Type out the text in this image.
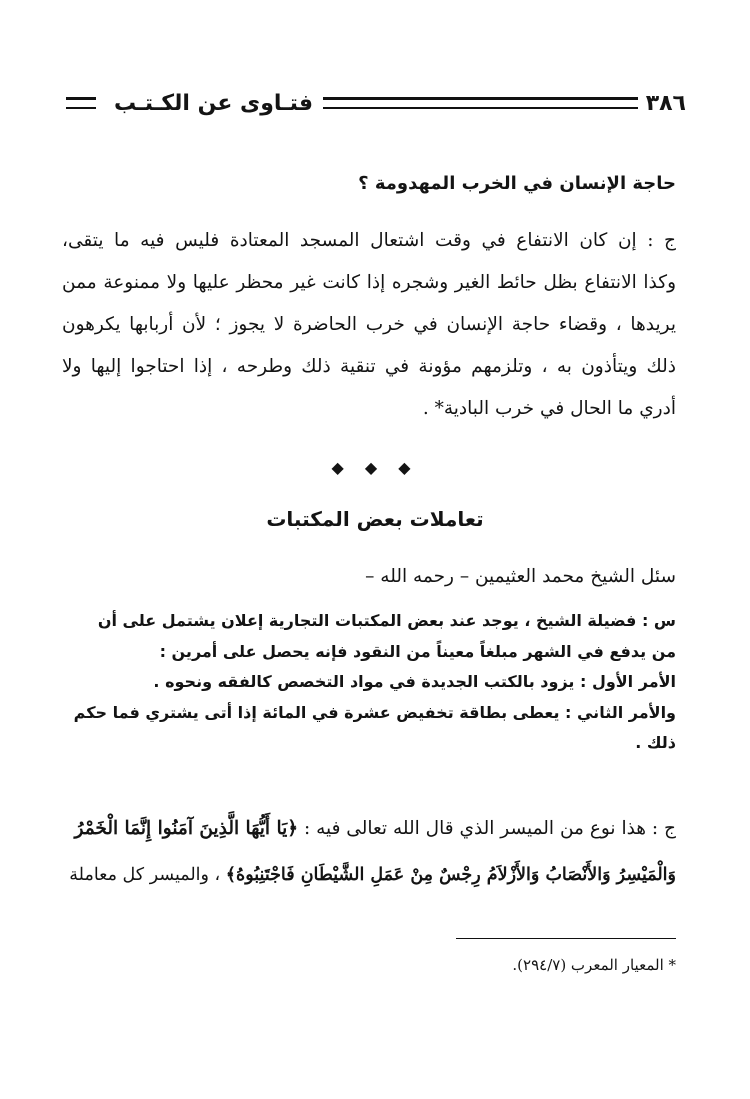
٣٨٦
فتـاوى عن الكـتـب

حاجة الإنسان في الخرب المهدومة ؟

ج : إن كان الانتفاع في وقت اشتعال المسجد المعتادة فليس فيه ما يتقى،
وكذا الانتفاع بظل حائط الغير وشجره إذا كانت غير محظر عليها ولا ممنوعة ممن
يريدها ، وقضاء حاجة الإنسان في خرب الحاضرة لا يجوز ؛ لأن أربابها يكرهون
ذلك ويتأذون به ، وتلزمهم مؤونة في تنقية ذلك وطرحه ، إذا احتاجوا إليها ولا
أدري ما الحال في خرب البادية* .

◆ ◆ ◆
تعاملات بعض المكتبات

سئل الشيخ محمد العثيمين – رحمه الله –

س : فضيلة الشيخ ، يوجد عند بعض المكتبات التجارية إعلان يشتمل على أن
من يدفع في الشهر مبلغاً معيناً من النقود فإنه يحصل على أمرين :
الأمر الأول : يزود بالكتب الجديدة في مواد التخصص كالفقه ونحوه .
والأمر الثاني : يعطى بطاقة تخفيض عشرة في المائة إذا أتى يشتري فما حكم
ذلك .

ج : هذا نوع من الميسر الذي قال الله تعالى فيه : ﴿يَا أَيُّهَا الَّذِينَ آمَنُوا إِنَّمَا الْخَمْرُ
وَالْمَيْسِرُ وَالأَنْصَابُ وَالأَزْلاَمُ رِجْسٌ مِنْ عَمَلِ الشَّيْطَانِ فَاجْتَنِبُوهُ﴾ ، والميسر كل معاملة

* المعيار المعرب (٢٩٤/٧).
